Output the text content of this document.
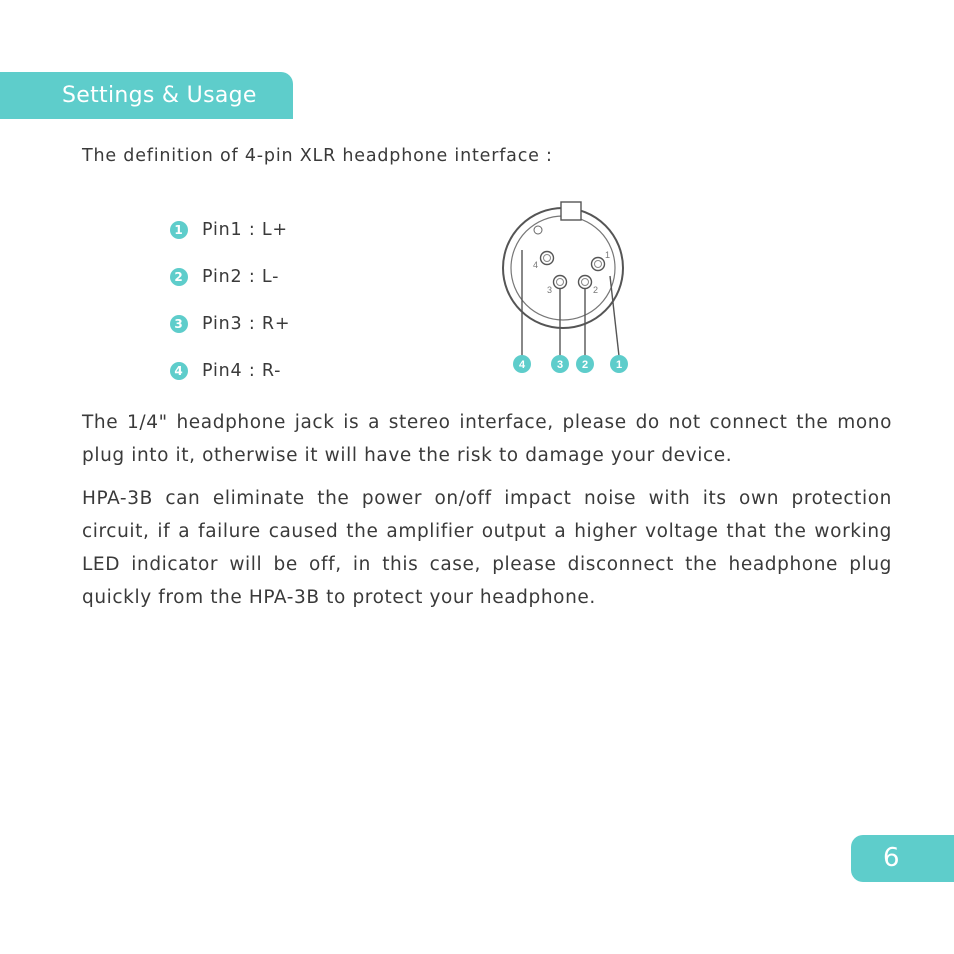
Settings & Usage
The definition of 4-pin XLR headphone interface :
1 Pin1 : L+
2 Pin2 : L-
3 Pin3 : R+
4 Pin4 : R-
1
4
3	2
4	3 2	1

The 1/4" headphone jack is a stereo interface, please do not connect the mono plug into it, otherwise it will have the risk to damage your device.

HPA-3B can eliminate the power on/off impact noise with its own protection circuit, if a failure caused the amplifier output a higher voltage that the working LED indicator will be off, in this case, please disconnect the headphone plug quickly from the HPA-3B to protect your headphone.

6
